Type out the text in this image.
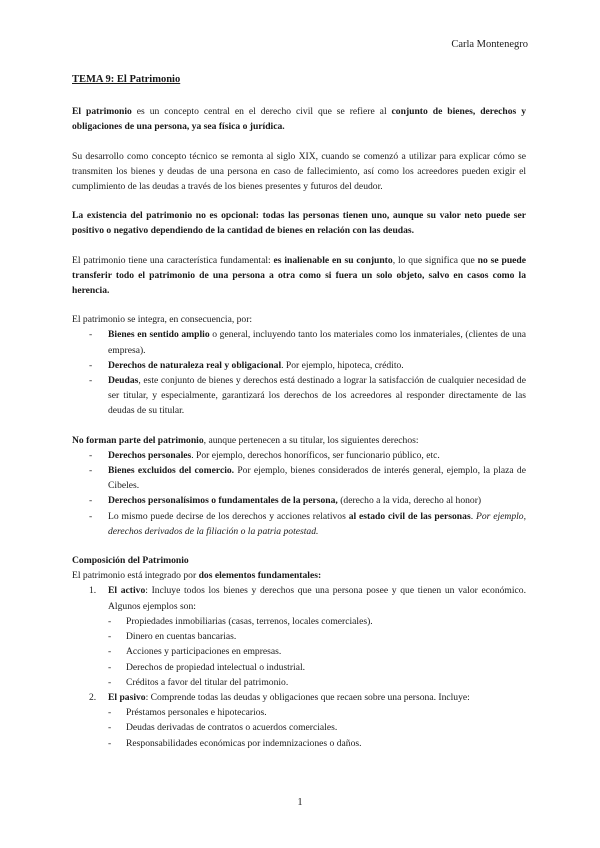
Carla Montenegro
TEMA 9: El Patrimonio

El patrimonio es un concepto central en el derecho civil que se refiere al conjunto de bienes, derechos y obligaciones de una persona, ya sea física o jurídica.

Su desarrollo como concepto técnico se remonta al siglo XIX, cuando se comenzó a utilizar para explicar cómo se transmiten los bienes y deudas de una persona en caso de fallecimiento, así como los acreedores pueden exigir el cumplimiento de las deudas a través de los bienes presentes y futuros del deudor.

La existencia del patrimonio no es opcional: todas las personas tienen uno, aunque su valor neto puede ser positivo o negativo dependiendo de la cantidad de bienes en relación con las deudas.

El patrimonio tiene una característica fundamental: es inalienable en su conjunto, lo que significa que no se puede transferir todo el patrimonio de una persona a otra como si fuera un solo objeto, salvo en casos como la herencia.

El patrimonio se integra, en consecuencia, por:
- Bienes en sentido amplio o general, incluyendo tanto los materiales como los inmateriales, (clientes de una empresa).
- Derechos de naturaleza real y obligacional. Por ejemplo, hipoteca, crédito.
- Deudas, este conjunto de bienes y derechos está destinado a lograr la satisfacción de cualquier necesidad de ser titular, y especialmente, garantizará los derechos de los acreedores al responder directamente de las deudas de su titular.
No forman parte del patrimonio, aunque pertenecen a su titular, los siguientes derechos:
- Derechos personales. Por ejemplo, derechos honoríficos, ser funcionario público, etc.
- Bienes excluidos del comercio. Por ejemplo, bienes considerados de interés general, ejemplo, la plaza de Cibeles.
- Derechos personalísimos o fundamentales de la persona, (derecho a la vida, derecho al honor)
- Lo mismo puede decirse de los derechos y acciones relativos al estado civil de las personas. Por ejemplo, derechos derivados de la filiación o la patria potestad.
Composición del Patrimonio
El patrimonio está integrado por dos elementos fundamentales:
1. El activo: Incluye todos los bienes y derechos que una persona posee y que tienen un valor económico. Algunos ejemplos son:
- Propiedades inmobiliarias (casas, terrenos, locales comerciales).
- Dinero en cuentas bancarias.
- Acciones y participaciones en empresas.
- Derechos de propiedad intelectual o industrial.
- Créditos a favor del titular del patrimonio.
2. El pasivo: Comprende todas las deudas y obligaciones que recaen sobre una persona. Incluye:
- Préstamos personales e hipotecarios.
- Deudas derivadas de contratos o acuerdos comerciales.
- Responsabilidades económicas por indemnizaciones o daños.
1
